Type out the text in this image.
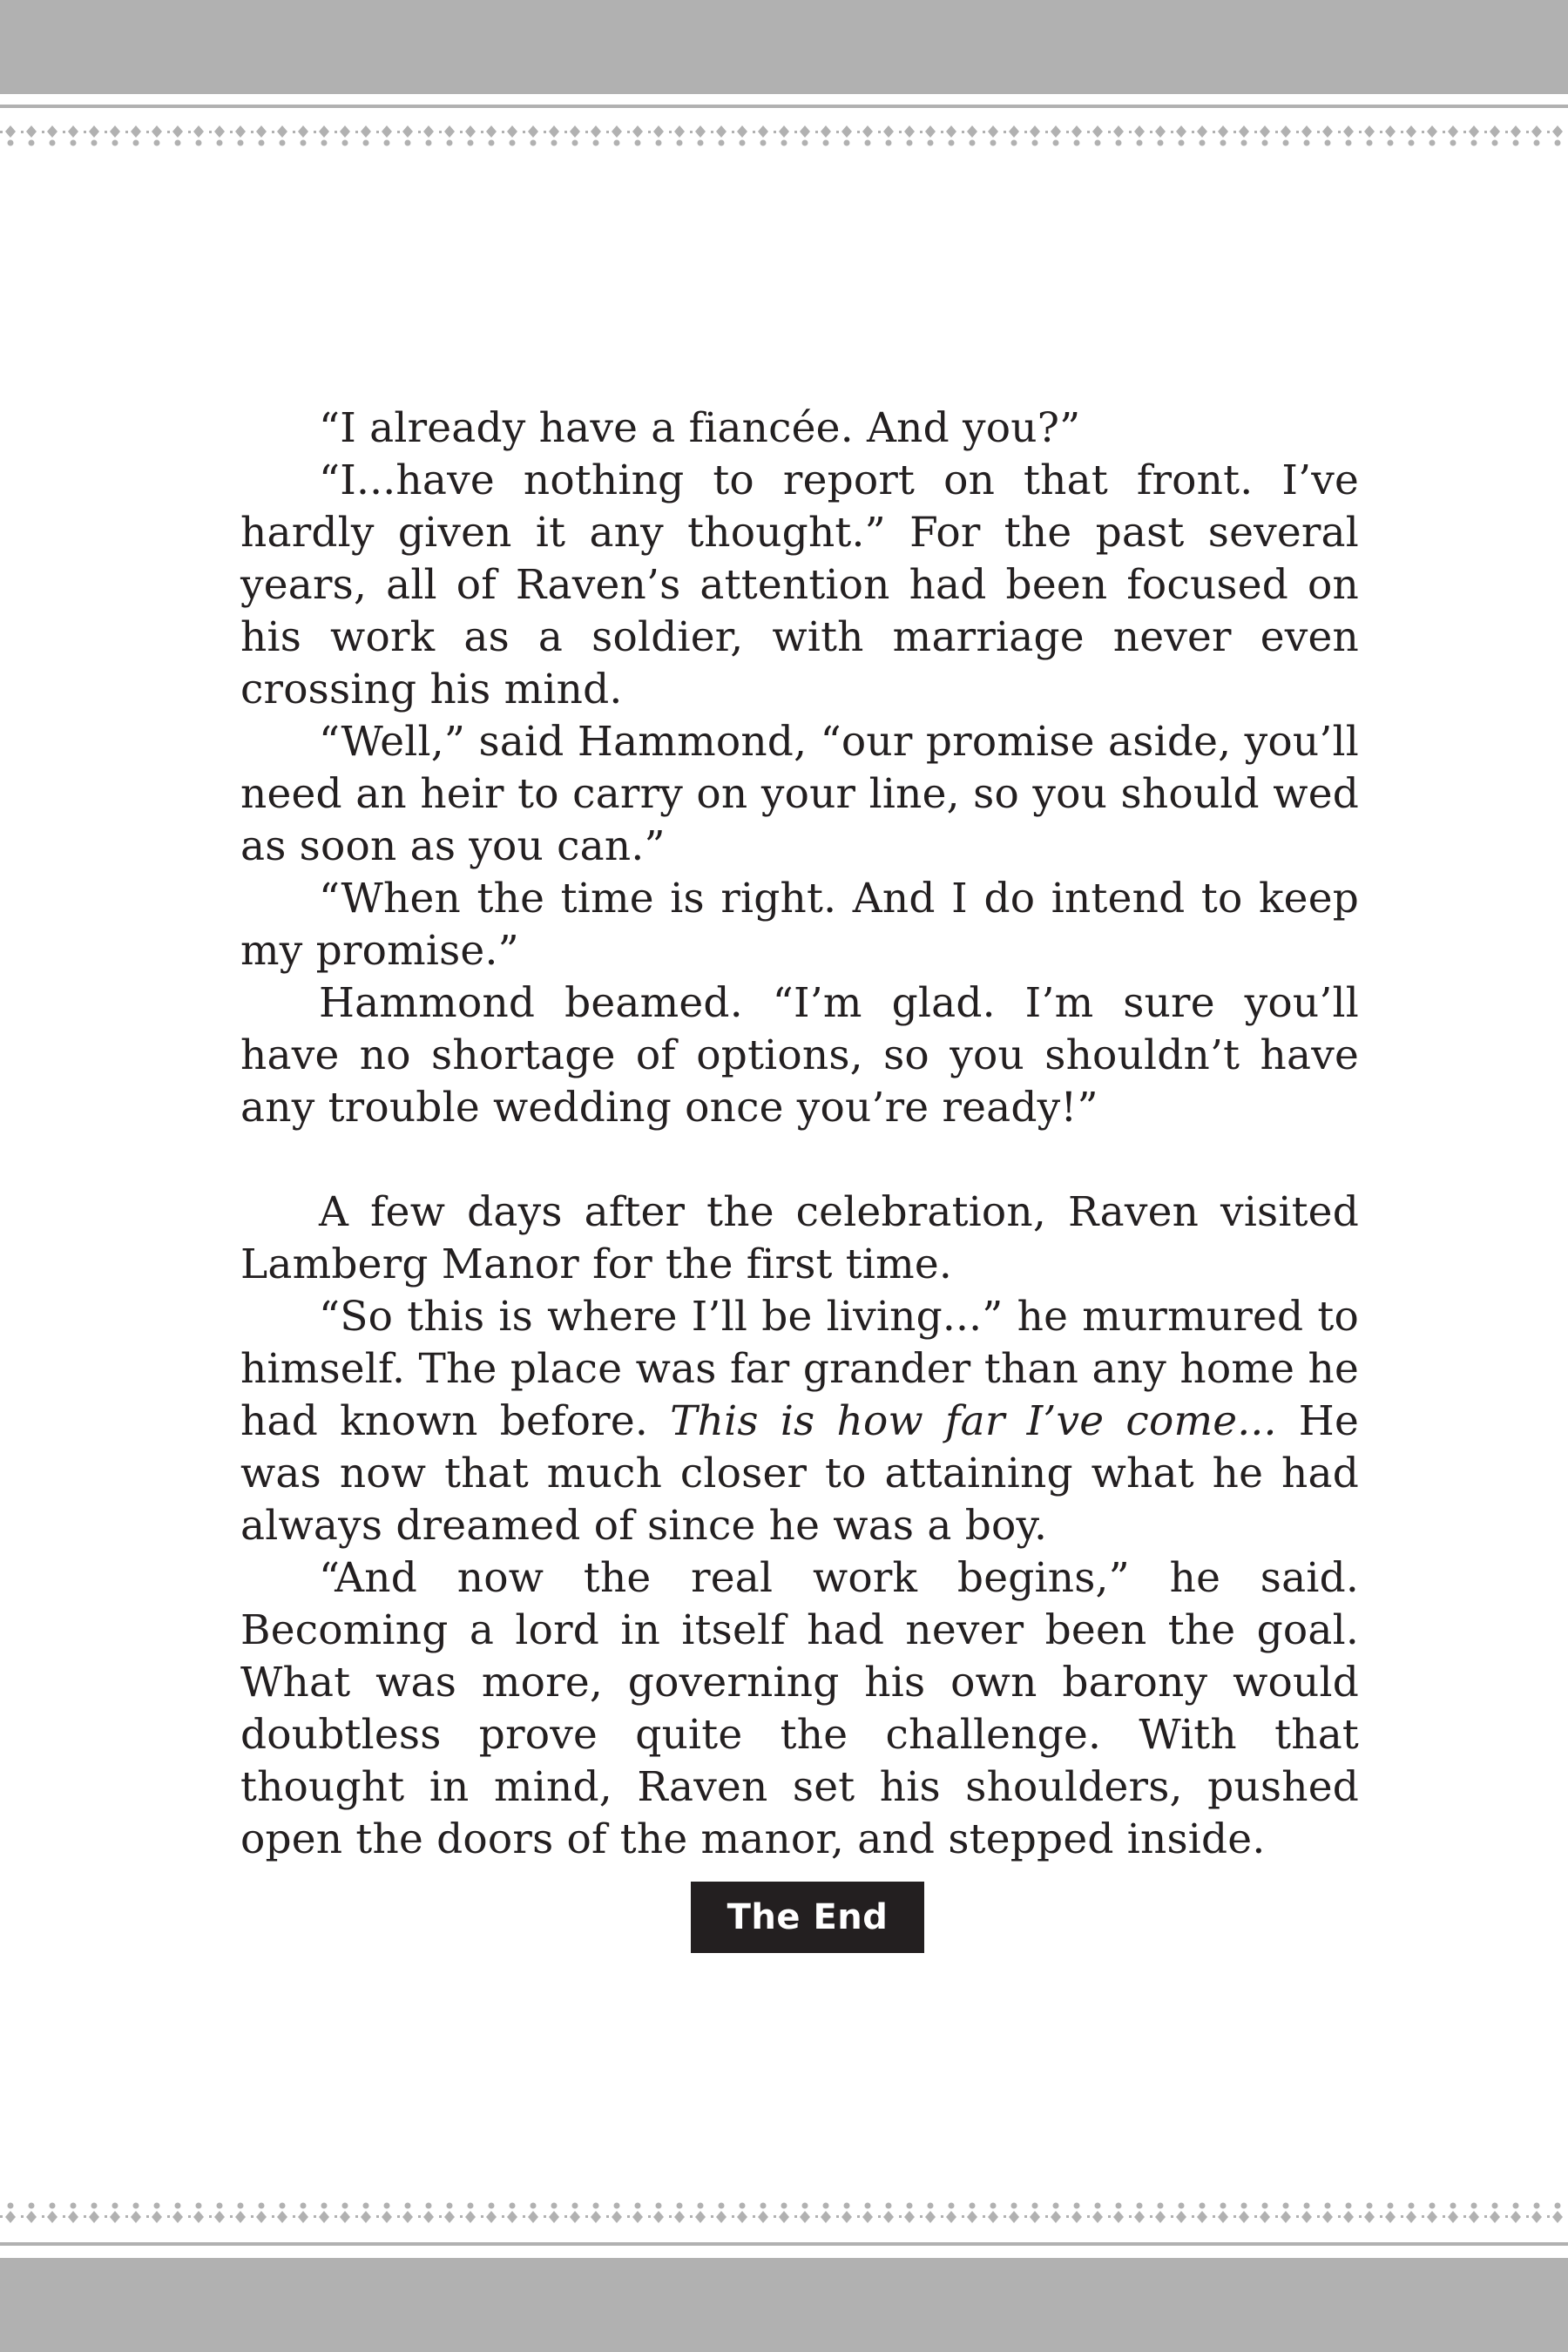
“I already have a fiancée. And you?”

“I...have nothing to report on that front. I’ve hardly given it any thought.” For the past several years, all of Raven’s attention had been focused on his work as a soldier, with marriage never even crossing his mind.

“Well,” said Hammond, “our promise aside, you’ll need an heir to carry on your line, so you should wed as soon as you can.”

“When the time is right. And I do intend to keep my promise.”

Hammond beamed. “I’m glad. I’m sure you’ll have no shortage of options, so you shouldn’t have any trouble wedding once you’re ready!”

A few days after the celebration, Raven visited Lamberg Manor for the first time.

“So this is where I’ll be living...” he murmured to himself. The place was far grander than any home he had known before. This is how far I’ve come... He was now that much closer to attaining what he had always dreamed of since he was a boy.

“And now the real work begins,” he said. Becoming a lord in itself had never been the goal. What was more, governing his own barony would doubtless prove quite the challenge. With that thought in mind, Raven set his shoulders, pushed open the doors of the manor, and stepped inside.

The End
